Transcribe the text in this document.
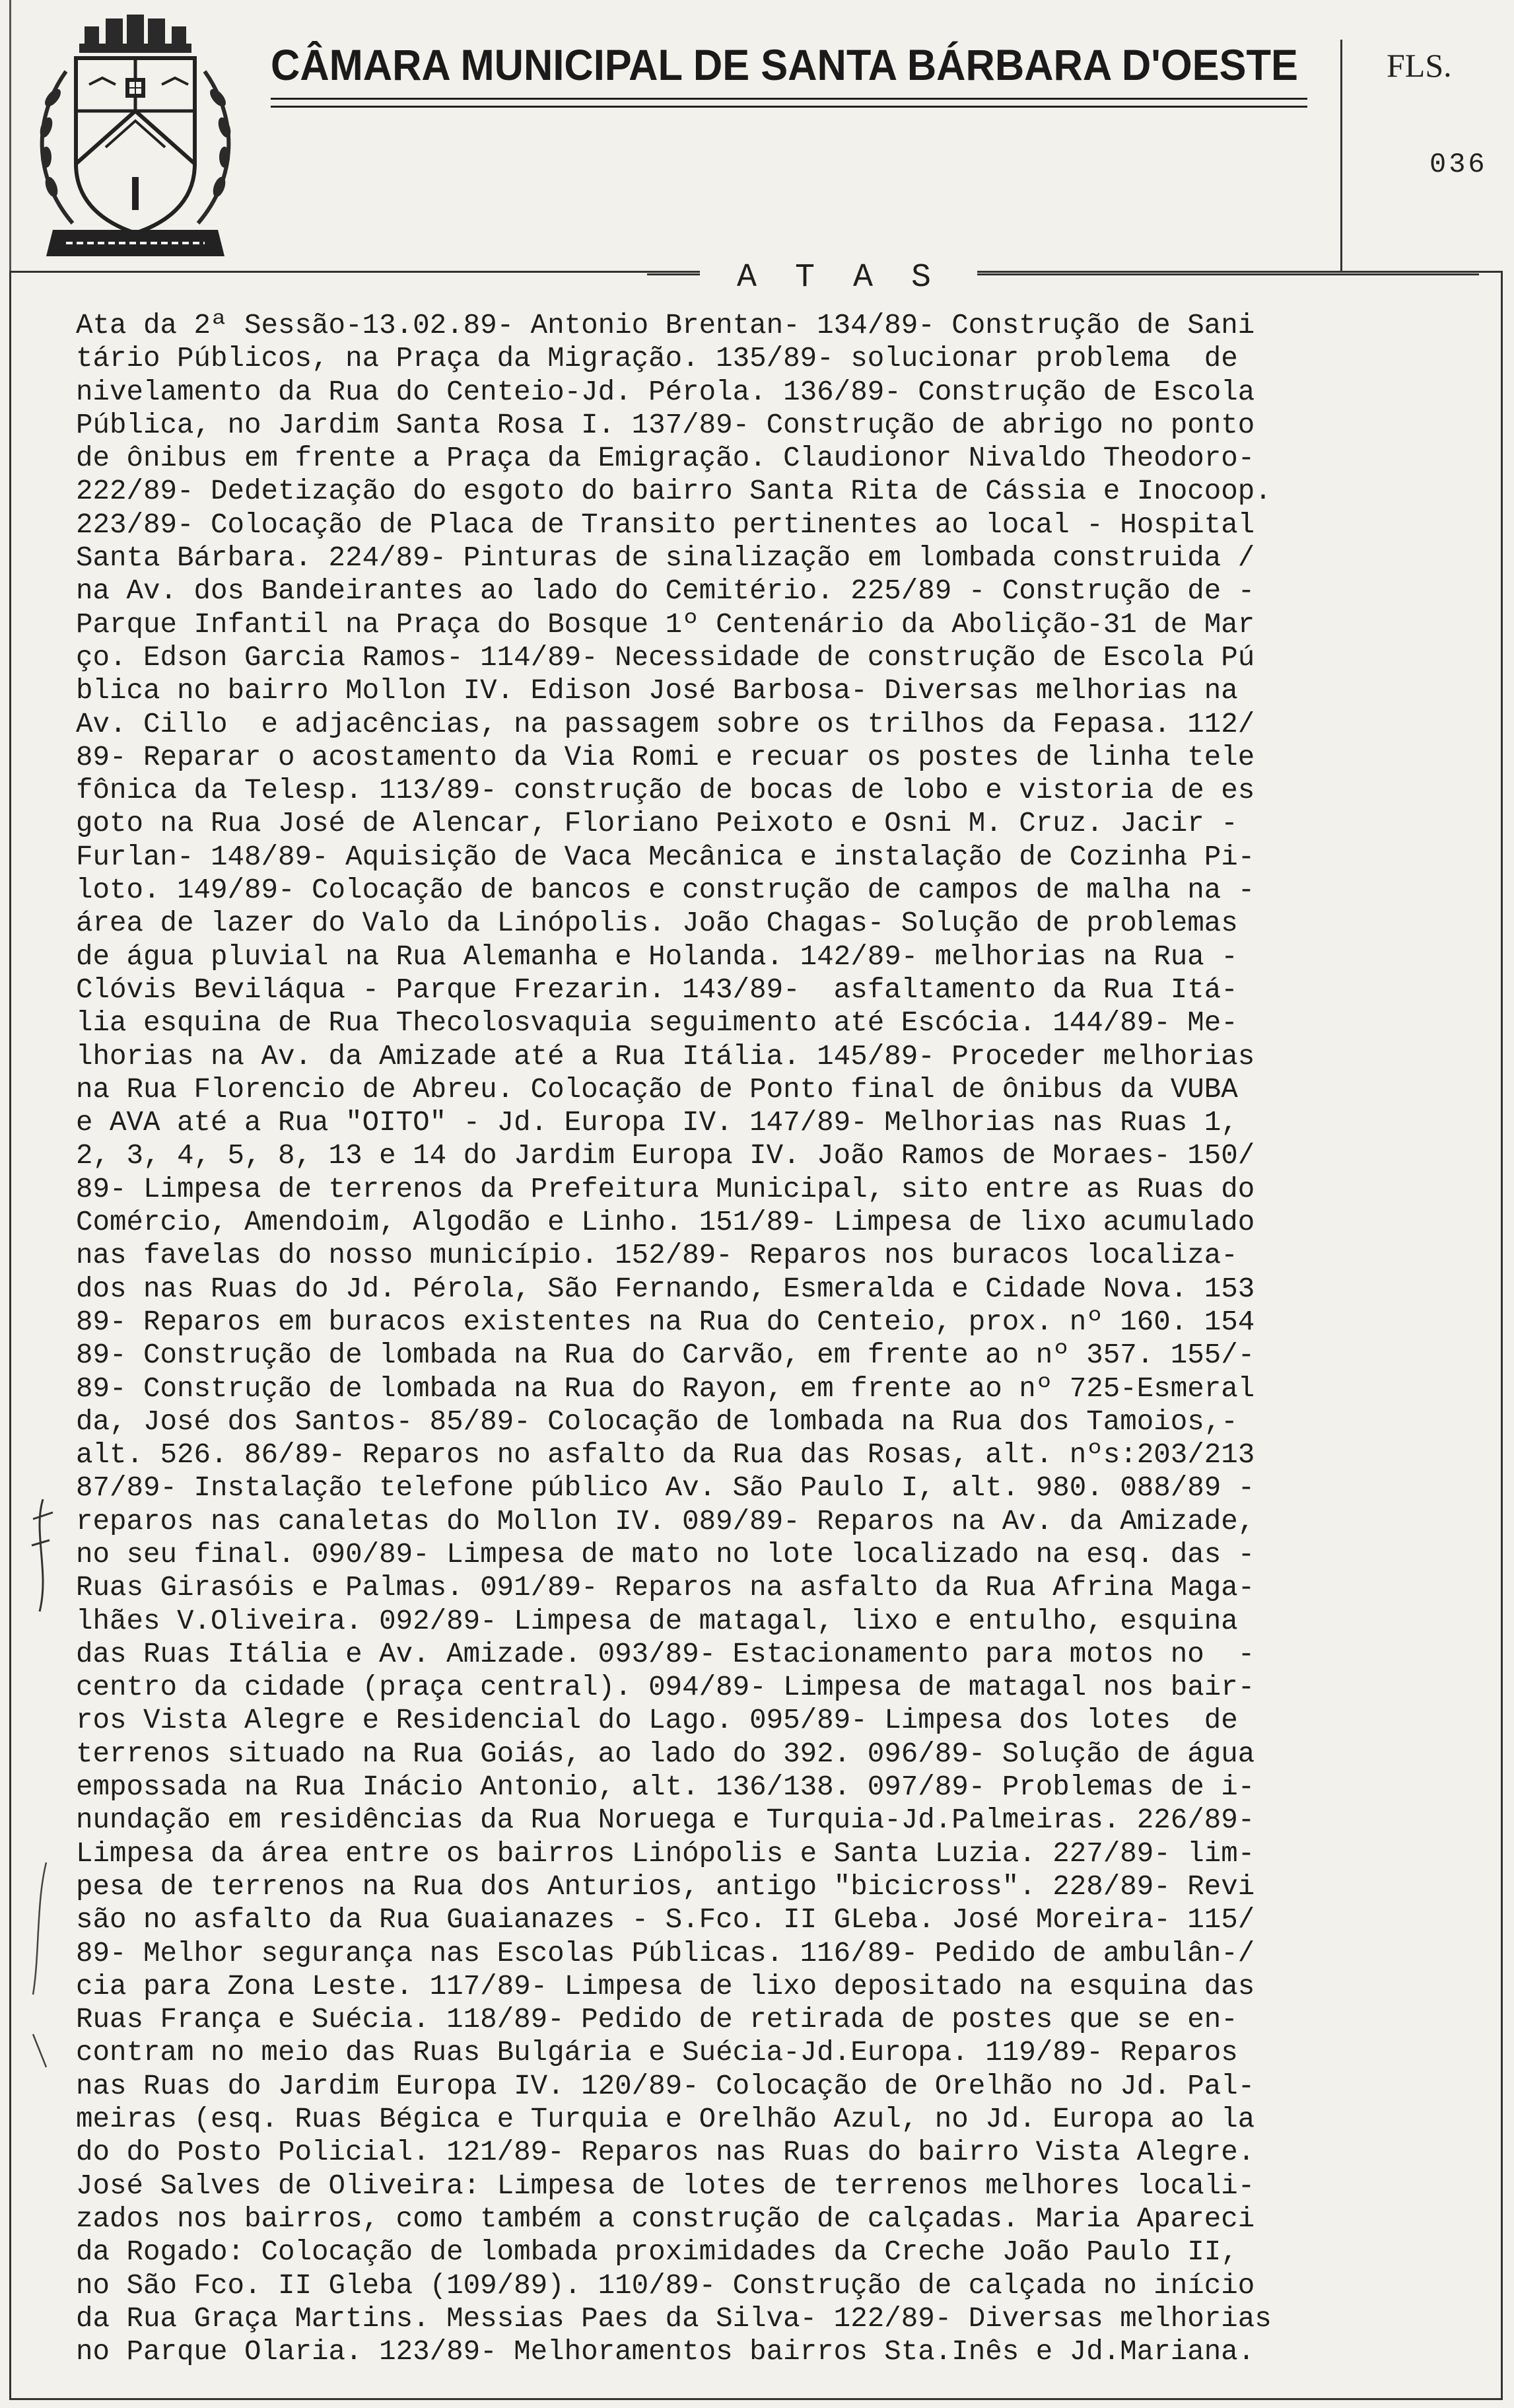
CÂMARA MUNICIPAL DE SANTA BÁRBARA D'OESTE	FLS.
036
A T A S
Ata da 2ª Sessão-13.02.89- Antonio Brentan- 134/89- Construção de Sani
tário Públicos, na Praça da Migração. 135/89- solucionar problema  de
nivelamento da Rua do Centeio-Jd. Pérola. 136/89- Construção de Escola
Pública, no Jardim Santa Rosa I. 137/89- Construção de abrigo no ponto
de ônibus em frente a Praça da Emigração. Claudionor Nivaldo Theodoro-
222/89- Dedetização do esgoto do bairro Santa Rita de Cássia e Inocoop.
223/89- Colocação de Placa de Transito pertinentes ao local - Hospital
Santa Bárbara. 224/89- Pinturas de sinalização em lombada construida /
na Av. dos Bandeirantes ao lado do Cemitério. 225/89 - Construção de -
Parque Infantil na Praça do Bosque 1º Centenário da Abolição-31 de Mar
ço. Edson Garcia Ramos- 114/89- Necessidade de construção de Escola Pú
blica no bairro Mollon IV. Edison José Barbosa- Diversas melhorias na
Av. Cillo  e adjacências, na passagem sobre os trilhos da Fepasa. 112/
89- Reparar o acostamento da Via Romi e recuar os postes de linha tele
fônica da Telesp. 113/89- construção de bocas de lobo e vistoria de es
goto na Rua José de Alencar, Floriano Peixoto e Osni M. Cruz. Jacir -
Furlan- 148/89- Aquisição de Vaca Mecânica e instalação de Cozinha Pi-
loto. 149/89- Colocação de bancos e construção de campos de malha na -
área de lazer do Valo da Linópolis. João Chagas- Solução de problemas
de água pluvial na Rua Alemanha e Holanda. 142/89- melhorias na Rua -
Clóvis Beviláqua - Parque Frezarin. 143/89-  asfaltamento da Rua Itá-
lia esquina de Rua Thecolosvaquia seguimento até Escócia. 144/89- Me-
lhorias na Av. da Amizade até a Rua Itália. 145/89- Proceder melhorias
na Rua Florencio de Abreu. Colocação de Ponto final de ônibus da VUBA
e AVA até a Rua "OITO" - Jd. Europa IV. 147/89- Melhorias nas Ruas 1,
2, 3, 4, 5, 8, 13 e 14 do Jardim Europa IV. João Ramos de Moraes- 150/
89- Limpesa de terrenos da Prefeitura Municipal, sito entre as Ruas do
Comércio, Amendoim, Algodão e Linho. 151/89- Limpesa de lixo acumulado
nas favelas do nosso município. 152/89- Reparos nos buracos localiza-
dos nas Ruas do Jd. Pérola, São Fernando, Esmeralda e Cidade Nova. 153
89- Reparos em buracos existentes na Rua do Centeio, prox. nº 160. 154
89- Construção de lombada na Rua do Carvão, em frente ao nº 357. 155/-
89- Construção de lombada na Rua do Rayon, em frente ao nº 725-Esmeral
da, José dos Santos- 85/89- Colocação de lombada na Rua dos Tamoios,-
alt. 526. 86/89- Reparos no asfalto da Rua das Rosas, alt. nºs:203/213
87/89- Instalação telefone público Av. São Paulo I, alt. 980. 088/89 -
reparos nas canaletas do Mollon IV. 089/89- Reparos na Av. da Amizade,
no seu final. 090/89- Limpesa de mato no lote localizado na esq. das -
Ruas Girasóis e Palmas. 091/89- Reparos na asfalto da Rua Afrina Maga-
lhães V.Oliveira. 092/89- Limpesa de matagal, lixo e entulho, esquina
das Ruas Itália e Av. Amizade. 093/89- Estacionamento para motos no  -
centro da cidade (praça central). 094/89- Limpesa de matagal nos bair-
ros Vista Alegre e Residencial do Lago. 095/89- Limpesa dos lotes  de
terrenos situado na Rua Goiás, ao lado do 392. 096/89- Solução de água
empossada na Rua Inácio Antonio, alt. 136/138. 097/89- Problemas de i-
nundação em residências da Rua Noruega e Turquia-Jd.Palmeiras. 226/89-
Limpesa da área entre os bairros Linópolis e Santa Luzia. 227/89- lim-
pesa de terrenos na Rua dos Anturios, antigo "bicicross". 228/89- Revi
são no asfalto da Rua Guaianazes - S.Fco. II GLeba. José Moreira- 115/
89- Melhor segurança nas Escolas Públicas. 116/89- Pedido de ambulân-/
cia para Zona Leste. 117/89- Limpesa de lixo depositado na esquina das
Ruas França e Suécia. 118/89- Pedido de retirada de postes que se en-
contram no meio das Ruas Bulgária e Suécia-Jd.Europa. 119/89- Reparos
nas Ruas do Jardim Europa IV. 120/89- Colocação de Orelhão no Jd. Pal-
meiras (esq. Ruas Bégica e Turquia e Orelhão Azul, no Jd. Europa ao la
do do Posto Policial. 121/89- Reparos nas Ruas do bairro Vista Alegre.
José Salves de Oliveira: Limpesa de lotes de terrenos melhores locali-
zados nos bairros, como também a construção de calçadas. Maria Apareci
da Rogado: Colocação de lombada proximidades da Creche João Paulo II,
no São Fco. II Gleba (109/89). 110/89- Construção de calçada no início
da Rua Graça Martins. Messias Paes da Silva- 122/89- Diversas melhorias
no Parque Olaria. 123/89- Melhoramentos bairros Sta.Inês e Jd.Mariana.
